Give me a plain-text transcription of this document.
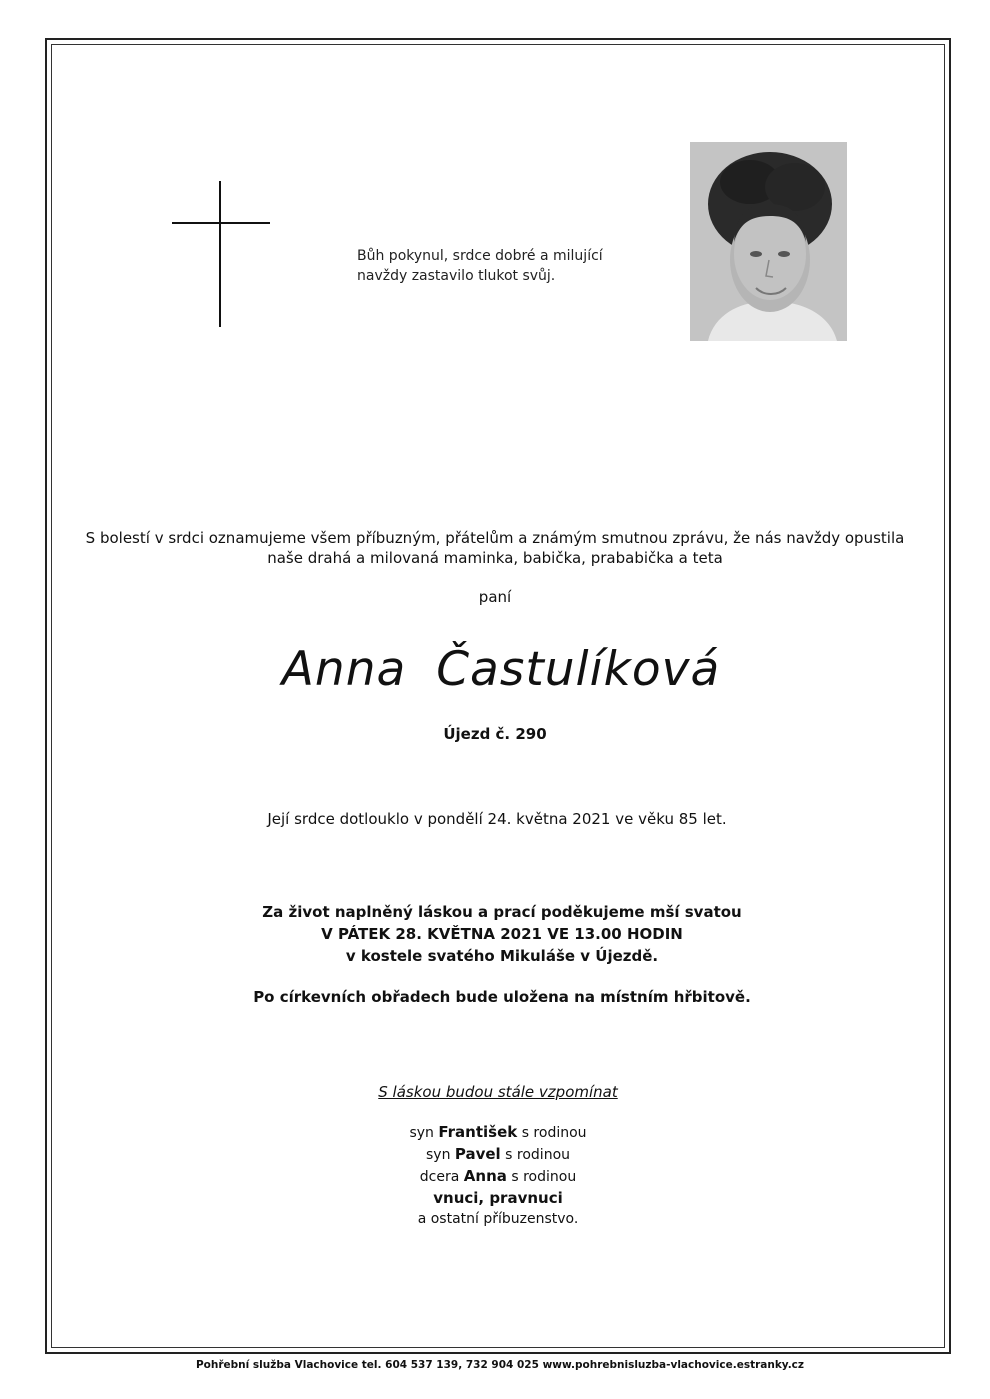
Bůh pokynul, srdce dobré a milující
navždy zastavilo tlukot svůj.
S bolestí v srdci oznamujeme všem příbuzným, přátelům a známým smutnou zprávu, že nás navždy opustila
naše drahá a milovaná maminka, babička, prababička a teta
paní
Anna Častulíková
Újezd č. 290
Její srdce dotlouklo v pondělí 24. května 2021 ve věku 85 let.
Za život naplněný láskou a prací poděkujeme mší svatou
V PÁTEK 28. KVĚTNA 2021 VE 13.00 HODIN
v kostele svatého Mikuláše v Újezdě.
Po církevních obřadech bude uložena na místním hřbitově.
S láskou budou stále vzpomínat
syn František s rodinou
syn Pavel s rodinou
dcera Anna s rodinou
vnuci, pravnuci
a ostatní příbuzenstvo.
Pohřební služba Vlachovice tel. 604 537 139, 732 904 025 www.pohrebnisluzba-vlachovice.estranky.cz
